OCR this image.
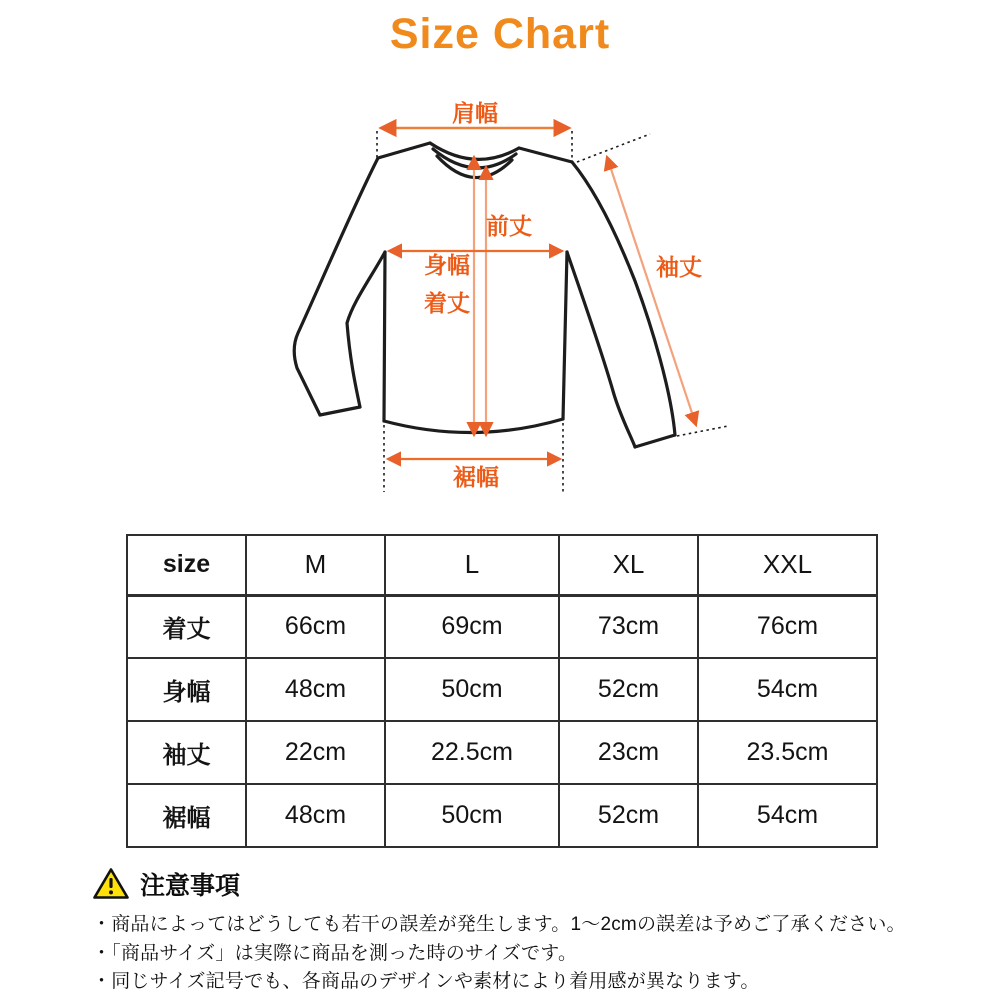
Size Chart
肩幅
前丈
身幅
着丈
袖丈
裾幅
size	M	L	XL	XXL
着丈	66cm	69cm	73cm	76cm
身幅	48cm	50cm	52cm	54cm
袖丈	22cm	22.5cm	23cm	23.5cm
裾幅	48cm	50cm	52cm	54cm
注意事項
・商品によってはどうしても若干の誤差が発生します。1～2cmの誤差は予めご了承ください。
・「商品サイズ」は実際に商品を測った時のサイズです。
・同じサイズ記号でも、各商品のデザインや素材により着用感が異なります。
